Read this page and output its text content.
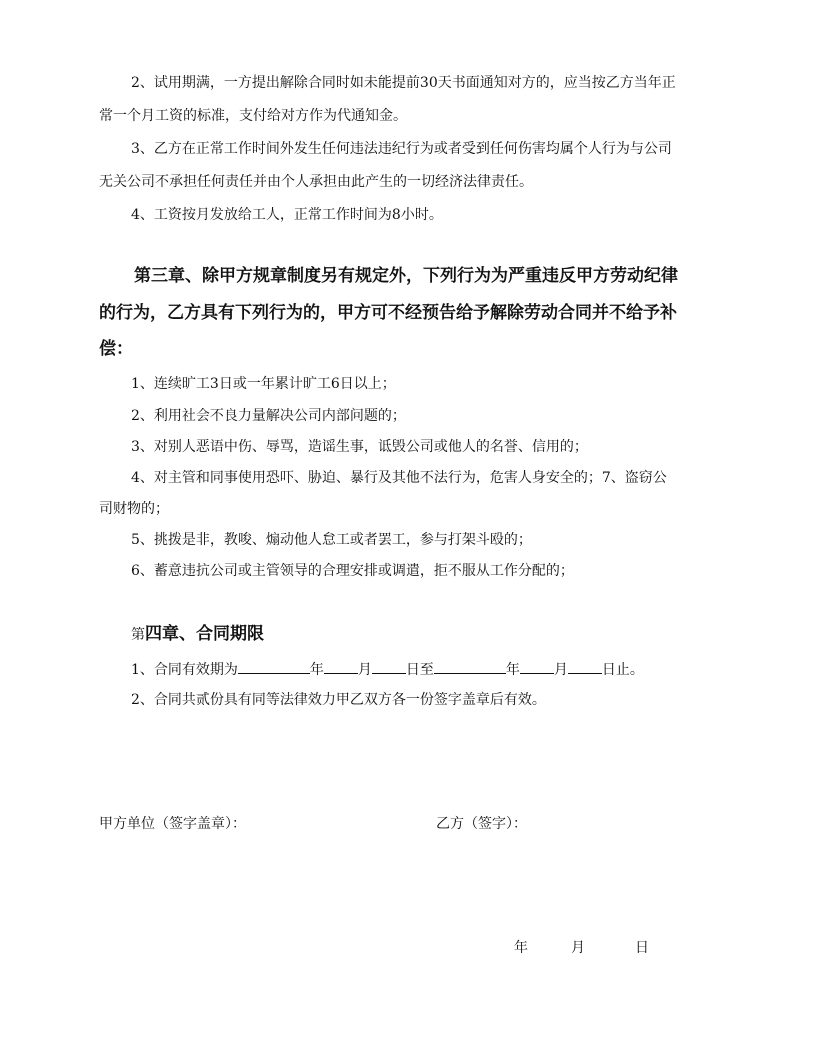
2、试用期满，一方提出解除合同时如未能提前30天书面通知对方的，应当按乙方当年正
常一个月工资的标准，支付给对方作为代通知金。
3、乙方在正常工作时间外发生任何违法违纪行为或者受到任何伤害均属个人行为与公司
无关公司不承担任何责任并由个人承担由此产生的一切经济法律责任。
4、工资按月发放给工人，正常工作时间为8小时。
第三章、除甲方规章制度另有规定外，下列行为为严重违反甲方劳动纪律
的行为，乙方具有下列行为的，甲方可不经预告给予解除劳动合同并不给予补
偿：
1、连续旷工3日或一年累计旷工6日以上；
2、利用社会不良力量解决公司内部问题的；
3、对别人恶语中伤、辱骂，造谣生事，诋毁公司或他人的名誉、信用的；
4、对主管和同事使用恐吓、胁迫、暴行及其他不法行为，危害人身安全的；7、盗窃公
司财物的；
5、挑拨是非，教唆、煽动他人怠工或者罢工，参与打架斗殴的；
6、蓄意违抗公司或主管领导的合理安排或调遣，拒不服从工作分配的；
第四章、合同期限
1、合同有效期为	年 月 日至	年 月 日止。
2、合同共贰份具有同等法律效力甲乙双方各一份签字盖章后有效。
甲方单位（签字盖章）：	乙方（签字）：
年	月	日
